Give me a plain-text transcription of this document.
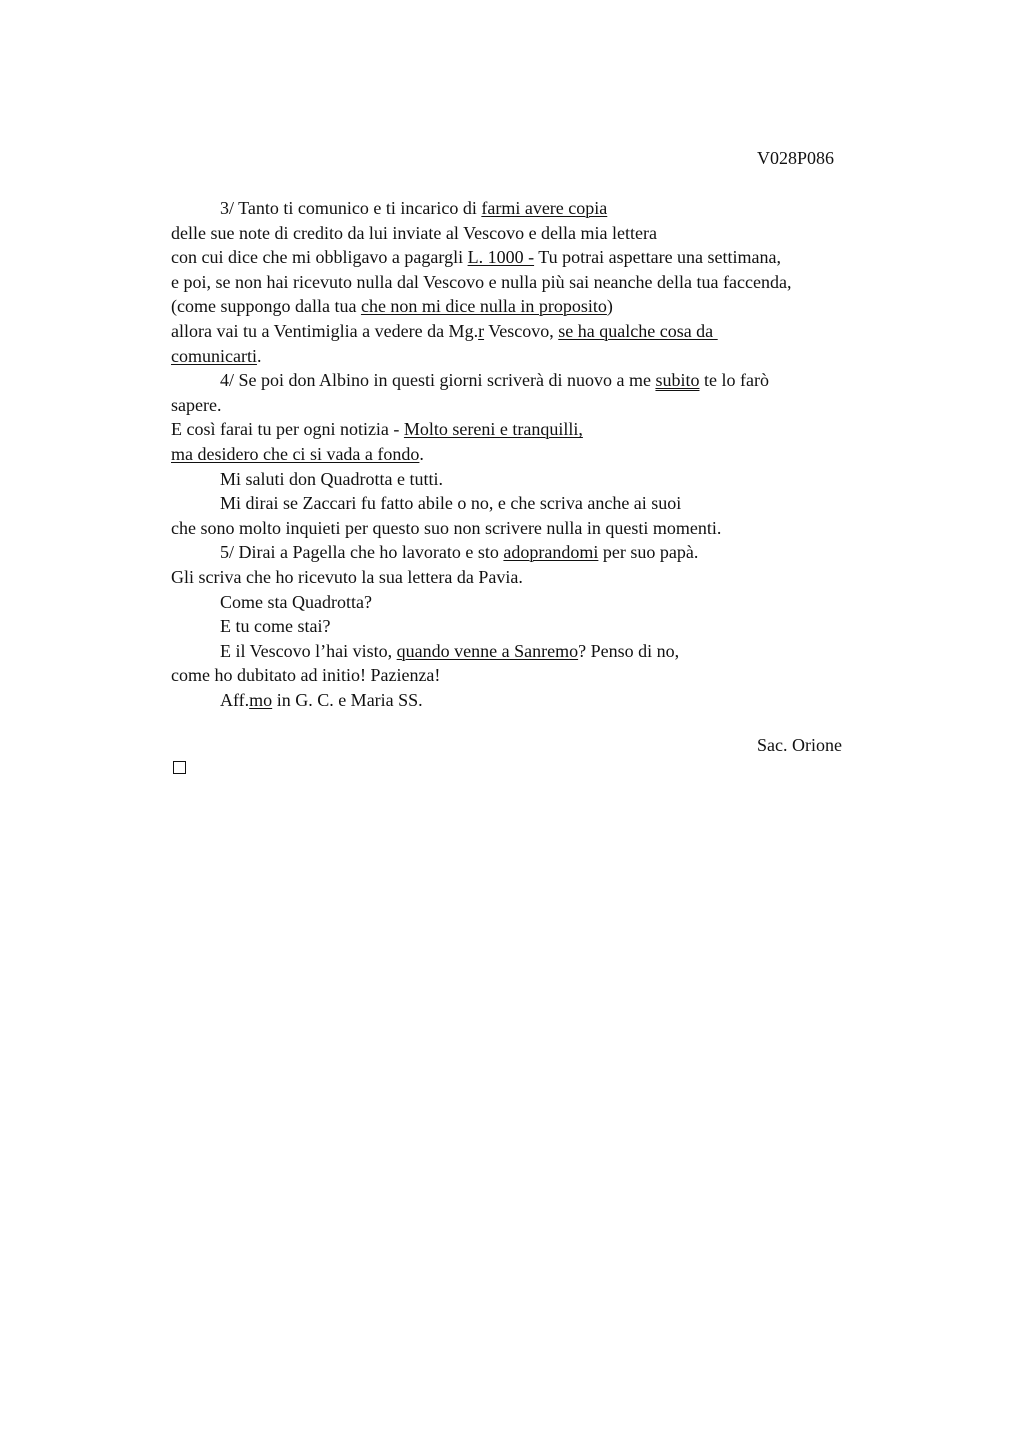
V028P086
3/ Tanto ti comunico e ti incarico di farmi avere copia
delle sue note di credito da lui inviate al Vescovo e della mia lettera
con cui dice che mi obbligavo a pagargli L. 1000 - Tu potrai aspettare una settimana,
e poi, se non hai ricevuto nulla dal Vescovo e nulla più sai neanche della tua faccenda,
(come suppongo dalla tua che non mi dice nulla in proposito)
allora vai tu a Ventimiglia a vedere da Mg.r Vescovo, se ha qualche cosa da
comunicarti.
4/ Se poi don Albino in questi giorni scriverà di nuovo a me subito te lo farò
sapere.
E così farai tu per ogni notizia - Molto sereni e tranquilli,
ma desidero che ci si vada a fondo.
Mi saluti don Quadrotta e tutti.
Mi dirai se Zaccari fu fatto abile o no, e che scriva anche ai suoi
che sono molto inquieti per questo suo non scrivere nulla in questi momenti.
5/ Dirai a Pagella che ho lavorato e sto adoprandomi per suo papà.
Gli scriva che ho ricevuto la sua lettera da Pavia.
Come sta Quadrotta?
E tu come stai?
E il Vescovo l’hai visto, quando venne a Sanremo? Penso di no,
come ho dubitato ad initio! Pazienza!
Aff.mo in G. C. e Maria SS.
Sac. Orione
